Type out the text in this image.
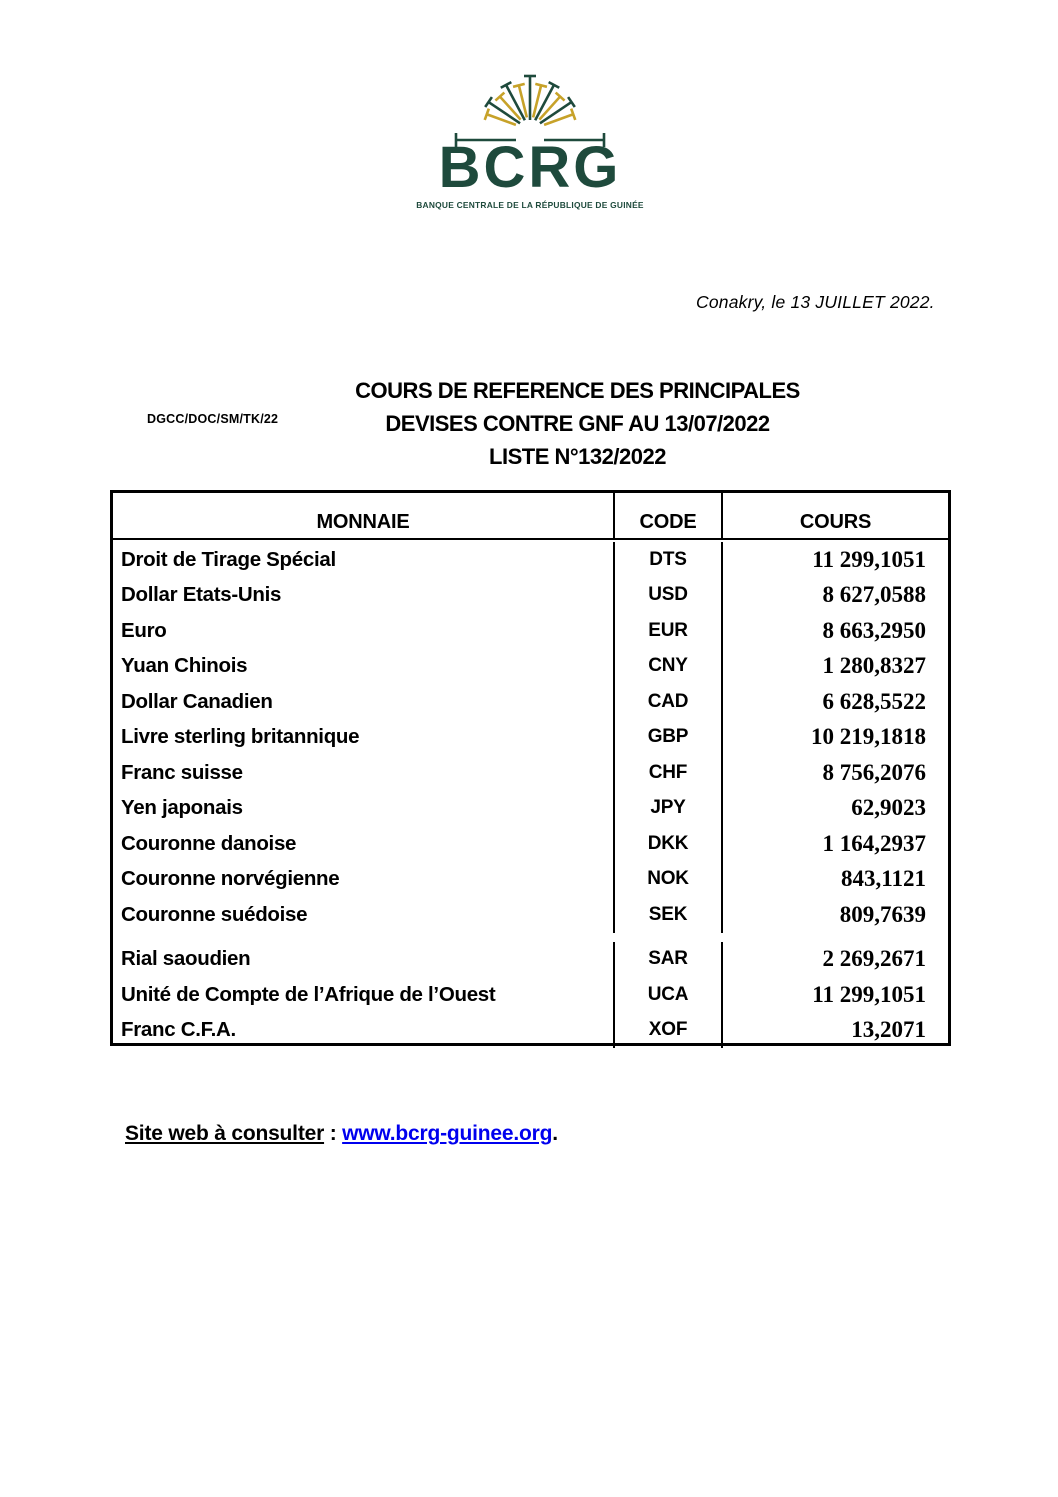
BCRG
BANQUE CENTRALE DE LA RÉPUBLIQUE DE GUINÉE
Conakry, le 13 JUILLET 2022.
DGCC/DOC/SM/TK/22
COURS DE REFERENCE DES PRINCIPALES
DEVISES CONTRE GNF AU 13/07/2022
LISTE N°132/2022
MONNAIE	CODE	COURS
Droit de Tirage Spécial	DTS	11 299,1051
Dollar Etats-Unis	USD	8 627,0588
Euro	EUR	8 663,2950
Yuan Chinois	CNY	1 280,8327
Dollar Canadien	CAD	6 628,5522
Livre sterling britannique	GBP	10 219,1818
Franc suisse	CHF	8 756,2076
Yen japonais	JPY	62,9023
Couronne danoise	DKK	1 164,2937
Couronne norvégienne	NOK	843,1121
Couronne suédoise	SEK	809,7639
Rial saoudien	SAR	2 269,2671
Unité de Compte de l’Afrique de l’Ouest	UCA	11 299,1051
Franc C.F.A.	XOF	13,2071
Site web à consulter : www.bcrg-guinee.org.
